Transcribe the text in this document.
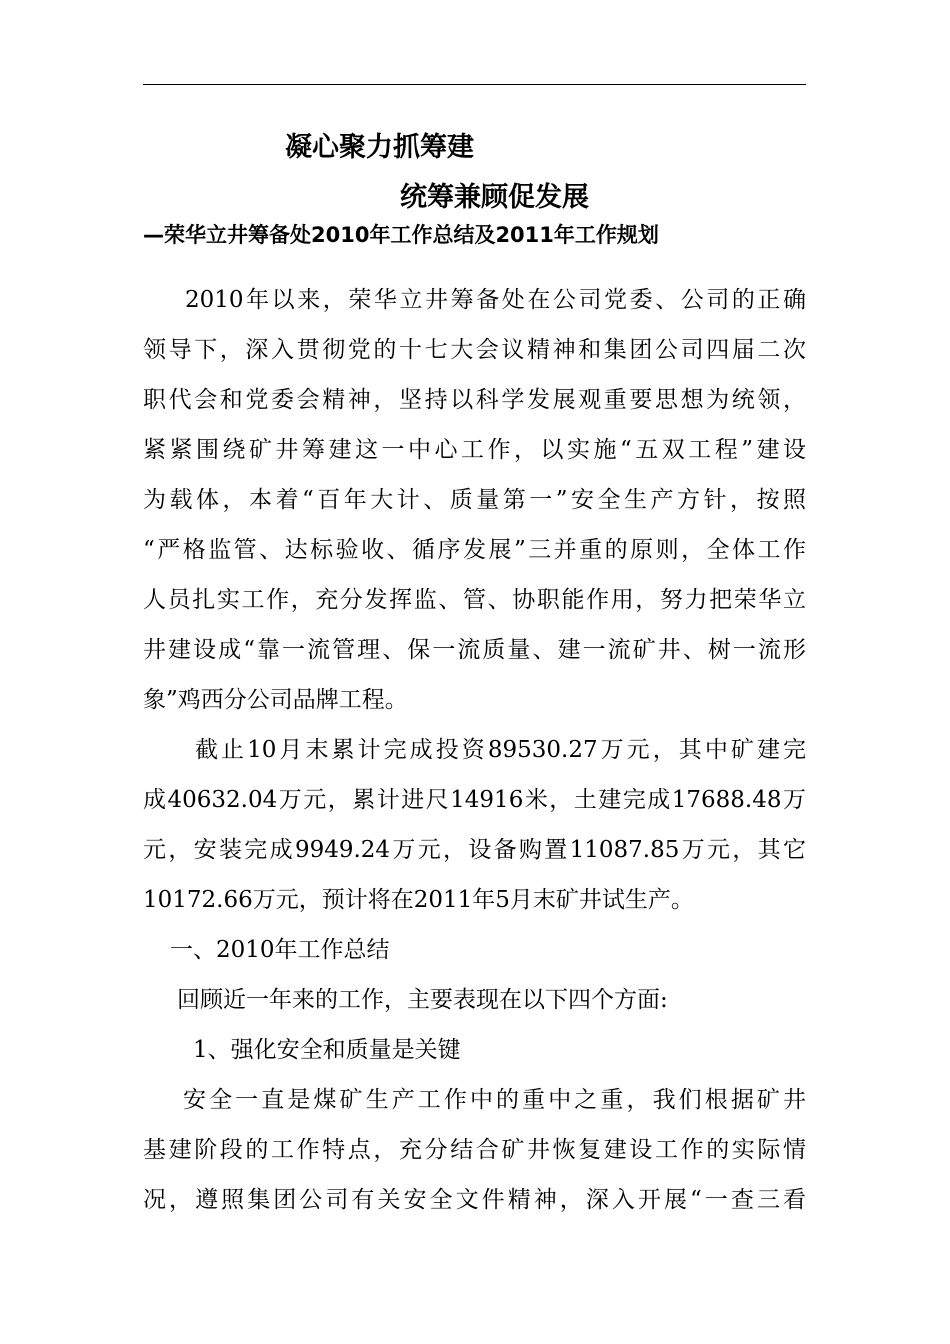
凝心聚力抓筹建
统筹兼顾促发展
—荣华立井筹备处2010年工作总结及2011年工作规划
2010年以来，荣华立井筹备处在公司党委、公司的正确
领导下，深入贯彻党的十七大会议精神和集团公司四届二次
职代会和党委会精神，坚持以科学发展观重要思想为统领，
紧紧围绕矿井筹建这一中心工作，以实施“五双工程”建设
为载体，本着“百年大计、质量第一”安全生产方针，按照
“严格监管、达标验收、循序发展”三并重的原则，全体工作
人员扎实工作，充分发挥监、管、协职能作用，努力把荣华立
井建设成“靠一流管理、保一流质量、建一流矿井、树一流形
象”鸡西分公司品牌工程。
截止10月末累计完成投资89530.27万元，其中矿建完
成40632.04万元，累计进尺14916米，土建完成17688.48万
元，安装完成9949.24万元，设备购置11087.85万元，其它
10172.66万元，预计将在2011年5月末矿井试生产。
一、2010年工作总结
回顾近一年来的工作，主要表现在以下四个方面:
1、强化安全和质量是关键
安全一直是煤矿生产工作中的重中之重，我们根据矿井
基建阶段的工作特点，充分结合矿井恢复建设工作的实际情
况，遵照集团公司有关安全文件精神，深入开展“一查三看
